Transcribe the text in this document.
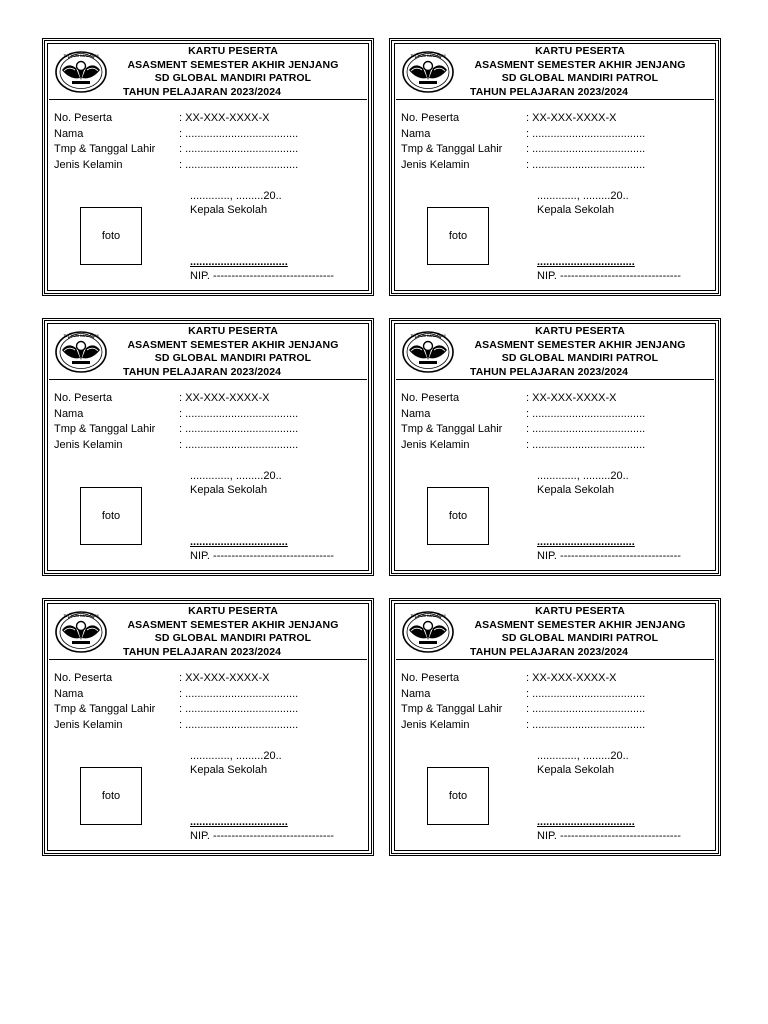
TUT WURI HANDAYANI	KARTU PESERTA
ASASMENT SEMESTER AKHIR JENJANG
SD GLOBAL MANDIRI PATROL
TAHUN PELAJARAN 2023/2024
No. Peserta	: XX-XXX-XXXX-X
Nama	: .....................................
Tmp & Tanggal Lahir	: .....................................
Jenis Kelamin	: .....................................
............., .........20..
Kepala Sekolah
foto
................................
NIP. ---------------------------------
TUT WURI HANDAYANI	KARTU PESERTA
ASASMENT SEMESTER AKHIR JENJANG
SD GLOBAL MANDIRI PATROL
TAHUN PELAJARAN 2023/2024
No. Peserta	: XX-XXX-XXXX-X
Nama	: .....................................
Tmp & Tanggal Lahir	: .....................................
Jenis Kelamin	: .....................................
............., .........20..
Kepala Sekolah
foto
................................
NIP. ---------------------------------
TUT WURI HANDAYANI	KARTU PESERTA
ASASMENT SEMESTER AKHIR JENJANG
SD GLOBAL MANDIRI PATROL
TAHUN PELAJARAN 2023/2024
No. Peserta	: XX-XXX-XXXX-X
Nama	: .....................................
Tmp & Tanggal Lahir	: .....................................
Jenis Kelamin	: .....................................
............., .........20..
Kepala Sekolah
foto
................................
NIP. ---------------------------------
TUT WURI HANDAYANI	KARTU PESERTA
ASASMENT SEMESTER AKHIR JENJANG
SD GLOBAL MANDIRI PATROL
TAHUN PELAJARAN 2023/2024
No. Peserta	: XX-XXX-XXXX-X
Nama	: .....................................
Tmp & Tanggal Lahir	: .....................................
Jenis Kelamin	: .....................................
............., .........20..
Kepala Sekolah
foto
................................
NIP. ---------------------------------
TUT WURI HANDAYANI	KARTU PESERTA
ASASMENT SEMESTER AKHIR JENJANG
SD GLOBAL MANDIRI PATROL
TAHUN PELAJARAN 2023/2024
No. Peserta	: XX-XXX-XXXX-X
Nama	: .....................................
Tmp & Tanggal Lahir	: .....................................
Jenis Kelamin	: .....................................
............., .........20..
Kepala Sekolah
foto
................................
NIP. ---------------------------------
TUT WURI HANDAYANI	KARTU PESERTA
ASASMENT SEMESTER AKHIR JENJANG
SD GLOBAL MANDIRI PATROL
TAHUN PELAJARAN 2023/2024
No. Peserta	: XX-XXX-XXXX-X
Nama	: .....................................
Tmp & Tanggal Lahir	: .....................................
Jenis Kelamin	: .....................................
............., .........20..
Kepala Sekolah
foto
................................
NIP. ---------------------------------
